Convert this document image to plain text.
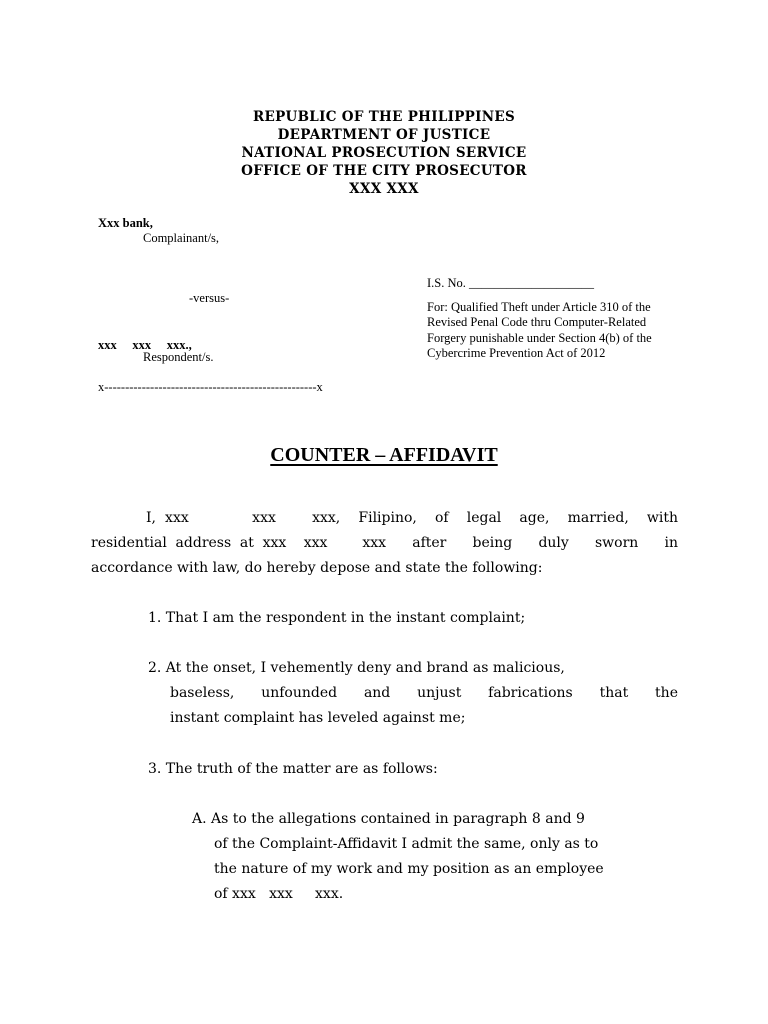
REPUBLIC OF THE PHILIPPINES
DEPARTMENT OF JUSTICE
NATIONAL PROSECUTION SERVICE
OFFICE OF THE CITY PROSECUTOR
XXX XXX
Xxx bank,
Complainant/s,
-versus-
xxx     xxx     xxx.,
Respondent/s.
x---------------------------------------------------x
I.S. No. ____________________
For: Qualified Theft under Article 310 of the Revised Penal Code thru Computer-Related Forgery punishable under Section 4(b) of the Cybercrime Prevention Act of 2012
COUNTER – AFFIDAVIT
I, xxx       xxx    xxx,  Filipino,  of  legal  age,  married,  with
residential address at xxx  xxx    xxx   after   being   duly   sworn   in
accordance with law, do hereby depose and state the following:
1. That I am the respondent in the instant complaint;
2. At the onset, I vehemently deny and brand as malicious,
baseless,  unfounded  and  unjust  fabrications  that  the
instant complaint has leveled against me;
3. The truth of the matter are as follows:
A. As to the allegations contained in paragraph 8 and 9
of the Complaint-Affidavit I admit the same, only as to
the nature of my work and my position as an employee
of xxx   xxx     xxx.
